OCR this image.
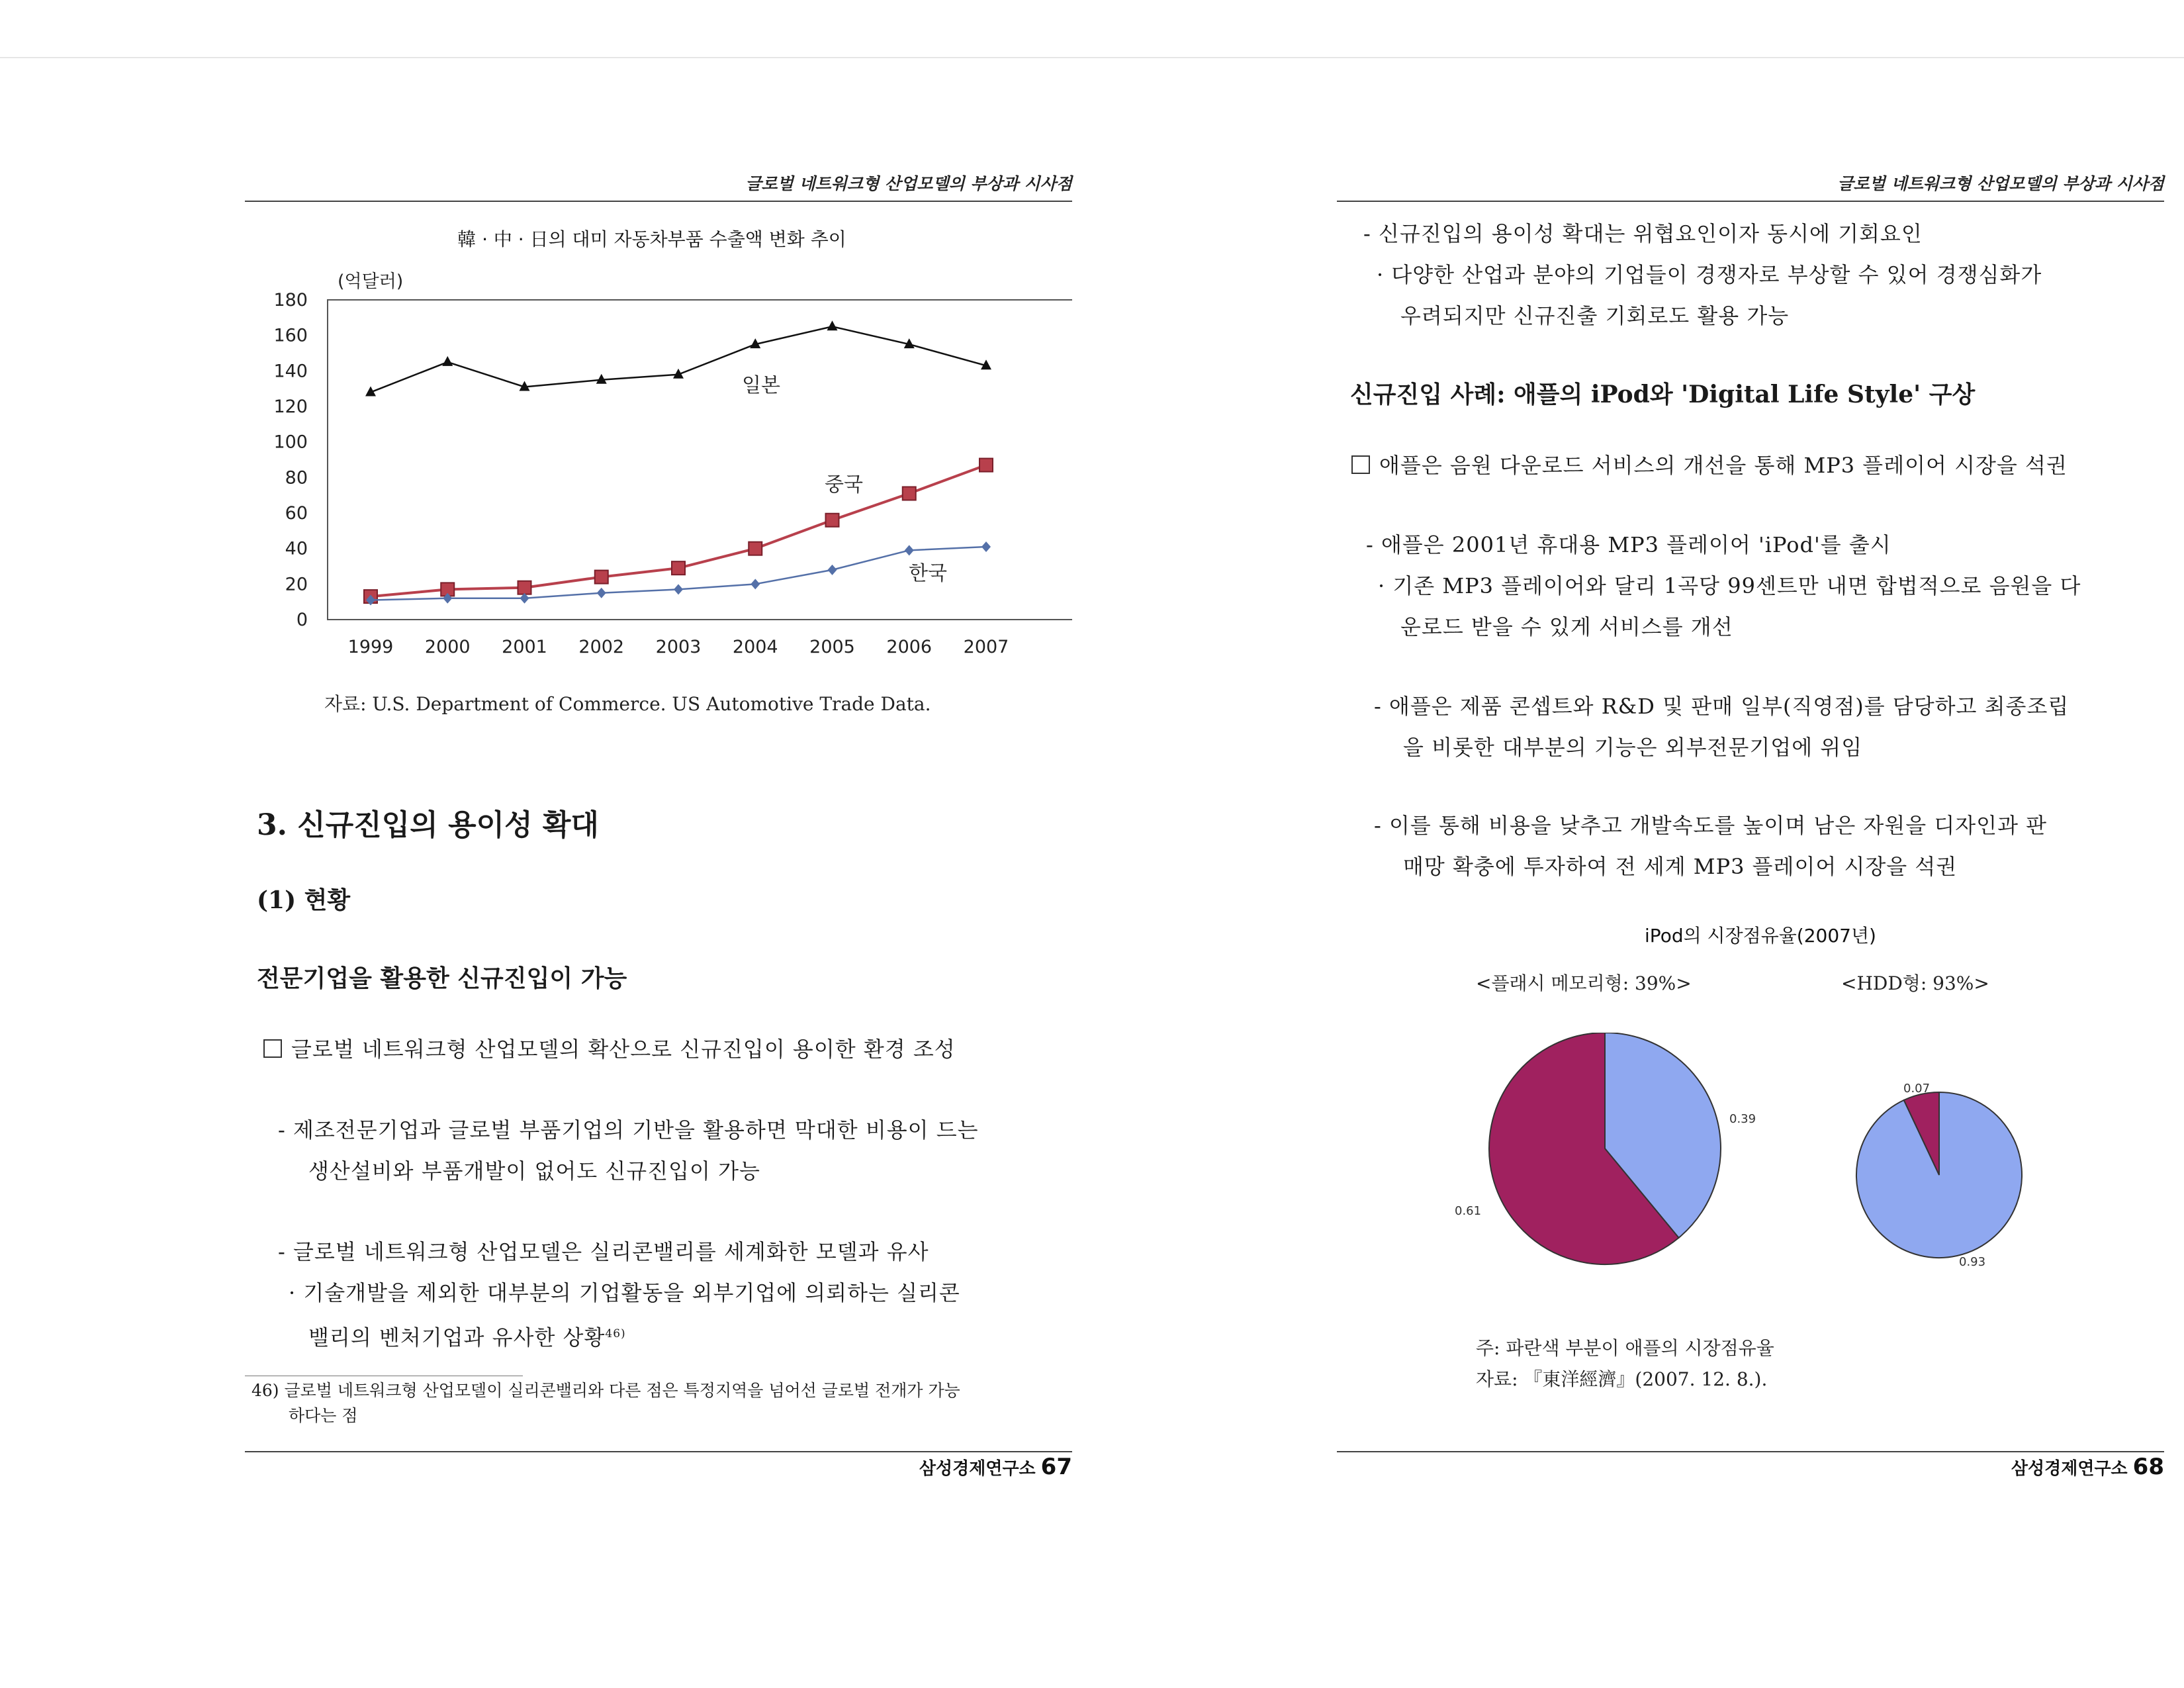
글로벌 네트워크형 산업모델의 부상과 시사점
韓 · 中 · 日의 대미 자동차부품 수출액 변화 추이
(억달러)
180
160
140
120
100
80
60
40
20
0
1999 2000 2001 2002 2003 2004 2005 2006 2007
일본
중국
한국
자료: U.S. Department of Commerce. US Automotive Trade Data.
3. 신규진입의 용이성 확대
(1) 현황
전문기업을 활용한 신규진입이 가능
글로벌 네트워크형 산업모델의 확산으로 신규진입이 용이한 환경 조성
- 제조전문기업과 글로벌 부품기업의 기반을 활용하면 막대한 비용이 드는
생산설비와 부품개발이 없어도 신규진입이 가능
- 글로벌 네트워크형 산업모델은 실리콘밸리를 세계화한 모델과 유사
· 기술개발을 제외한 대부분의 기업활동을 외부기업에 의뢰하는 실리콘
밸리의 벤처기업과 유사한 상황$^{46)}$
46) 글로벌 네트워크형 산업모델이 실리콘밸리와 다른 점은 특정지역을 넘어선 글로벌 전개가 가능
하다는 점
삼성경제연구소 67
글로벌 네트워크형 산업모델의 부상과 시사점
- 신규진입의 용이성 확대는 위협요인이자 동시에 기회요인
· 다양한 산업과 분야의 기업들이 경쟁자로 부상할 수 있어 경쟁심화가
우려되지만 신규진출 기회로도 활용 가능
신규진입 사례: 애플의 iPod와 'Digital Life Style' 구상
애플은 음원 다운로드 서비스의 개선을 통해 MP3 플레이어 시장을 석권
- 애플은 2001년 휴대용 MP3 플레이어 'iPod'를 출시
· 기존 MP3 플레이어와 달리 1곡당 99센트만 내면 합법적으로 음원을 다
운로드 받을 수 있게 서비스를 개선
- 애플은 제품 콘셉트와 R&D 및 판매 일부(직영점)를 담당하고 최종조립
을 비롯한 대부분의 기능은 외부전문기업에 위임
- 이를 통해 비용을 낮추고 개발속도를 높이며 남은 자원을 디자인과 판
매망 확충에 투자하여 전 세계 MP3 플레이어 시장을 석권
iPod의 시장점유율(2007년)
<플래시 메모리형: 39%>	<HDD형: 93%>
0.39
0.61
0.93
0.07
주: 파란색 부분이 애플의 시장점유율
자료: 『東洋經濟』(2007. 12. 8.).
삼성경제연구소 68
